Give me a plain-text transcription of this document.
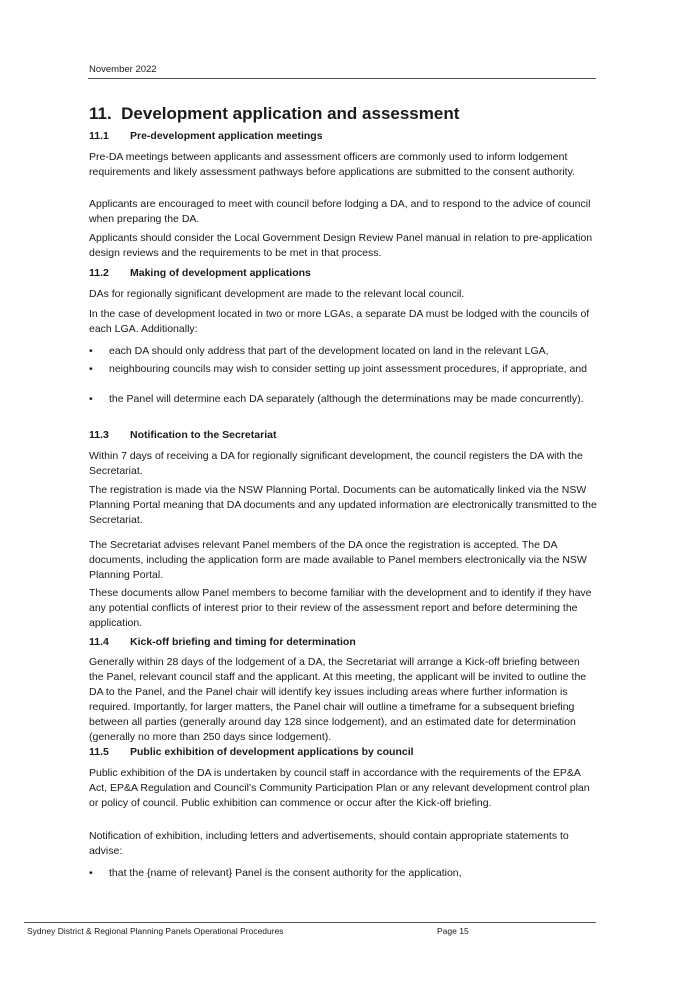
November 2022
11. Development application and assessment
11.1 Pre-development application meetings
Pre-DA meetings between applicants and assessment officers are commonly used to inform lodgement requirements and likely assessment pathways before applications are submitted to the consent authority.
Applicants are encouraged to meet with council before lodging a DA, and to respond to the advice of council when preparing the DA.
Applicants should consider the Local Government Design Review Panel manual in relation to pre-application design reviews and the requirements to be met in that process.
11.2 Making of development applications
DAs for regionally significant development are made to the relevant local council.
In the case of development located in two or more LGAs, a separate DA must be lodged with the councils of each LGA. Additionally:
• each DA should only address that part of the development located on land in the relevant LGA,
• neighbouring councils may wish to consider setting up joint assessment procedures, if appropriate, and
• the Panel will determine each DA separately (although the determinations may be made concurrently).
11.3 Notification to the Secretariat
Within 7 days of receiving a DA for regionally significant development, the council registers the DA with the Secretariat.
The registration is made via the NSW Planning Portal. Documents can be automatically linked via the NSW Planning Portal meaning that DA documents and any updated information are electronically transmitted to the Secretariat.
The Secretariat advises relevant Panel members of the DA once the registration is accepted. The DA documents, including the application form are made available to Panel members electronically via the NSW Planning Portal.
These documents allow Panel members to become familiar with the development and to identify if they have any potential conflicts of interest prior to their review of the assessment report and before determining the application.
11.4 Kick-off briefing and timing for determination
Generally within 28 days of the lodgement of a DA, the Secretariat will arrange a Kick-off briefing between the Panel, relevant council staff and the applicant. At this meeting, the applicant will be invited to outline the DA to the Panel, and the Panel chair will identify key issues including areas where further information is required. Importantly, for larger matters, the Panel chair will outline a timeframe for a subsequent briefing between all parties (generally around day 128 since lodgement), and an estimated date for determination (generally no more than 250 days since lodgement).
11.5 Public exhibition of development applications by council
Public exhibition of the DA is undertaken by council staff in accordance with the requirements of the EP&A Act, EP&A Regulation and Council’s Community Participation Plan or any relevant development control plan or policy of council. Public exhibition can commence or occur after the Kick-off briefing.
Notification of exhibition, including letters and advertisements, should contain appropriate statements to advise:
• that the {name of relevant} Panel is the consent authority for the application,
Sydney District & Regional Planning Panels Operational Procedures	Page 15
